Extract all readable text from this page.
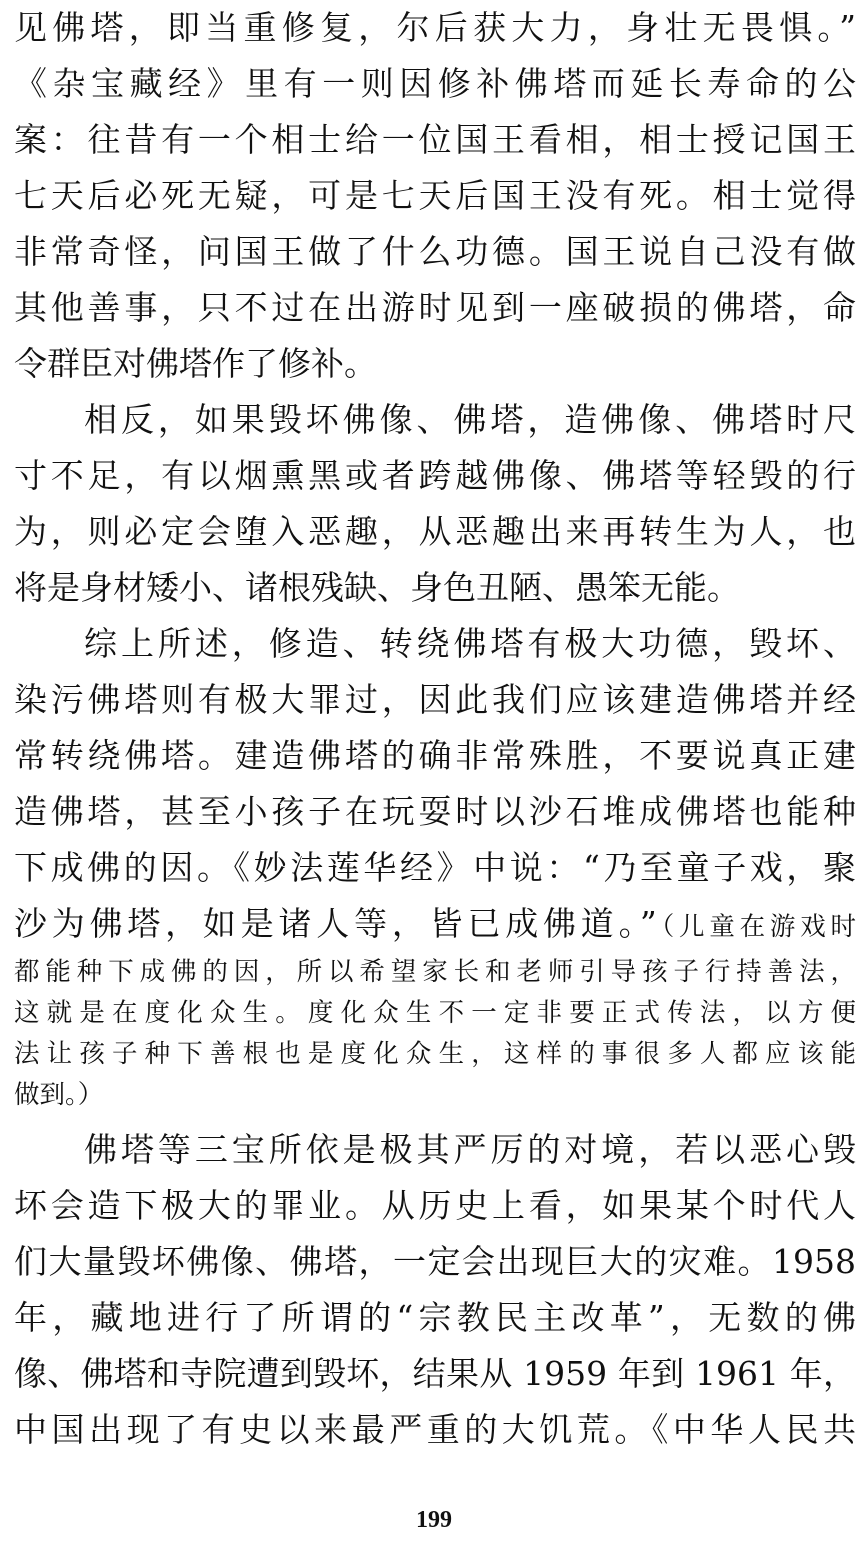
见佛塔，即当重修复，尔后获大力，身壮无畏惧。”
《杂宝藏经》里有一则因修补佛塔而延长寿命的公
案：往昔有一个相士给一位国王看相，相士授记国王
七天后必死无疑，可是七天后国王没有死。相士觉得
非常奇怪，问国王做了什么功德。国王说自己没有做
其他善事，只不过在出游时见到一座破损的佛塔，命
令群臣对佛塔作了修补。
相反，如果毁坏佛像、佛塔，造佛像、佛塔时尺
寸不足，有以烟熏黑或者跨越佛像、佛塔等轻毁的行
为，则必定会堕入恶趣，从恶趣出来再转生为人，也
将是身材矮小、诸根残缺、身色丑陋、愚笨无能。
综上所述，修造、转绕佛塔有极大功德，毁坏、
染污佛塔则有极大罪过，因此我们应该建造佛塔并经
常转绕佛塔。建造佛塔的确非常殊胜，不要说真正建
造佛塔，甚至小孩子在玩耍时以沙石堆成佛塔也能种
下成佛的因。《妙法莲华经》中说：“乃至童子戏，聚
沙为佛塔，如是诸人等，皆已成佛道。”（儿童在游戏时
都能种下成佛的因，所以希望家长和老师引导孩子行持善法，
这就是在度化众生。度化众生不一定非要正式传法，以方便
法让孩子种下善根也是度化众生，这样的事很多人都应该能
做到。）
佛塔等三宝所依是极其严厉的对境，若以恶心毁
坏会造下极大的罪业。从历史上看，如果某个时代人
们大量毁坏佛像、佛塔，一定会出现巨大的灾难。1958
年，藏地进行了所谓的“宗教民主改革”，无数的佛
像、佛塔和寺院遭到毁坏，结果从 1959 年到 1961 年，
中国出现了有史以来最严重的大饥荒。《中华人民共
199
